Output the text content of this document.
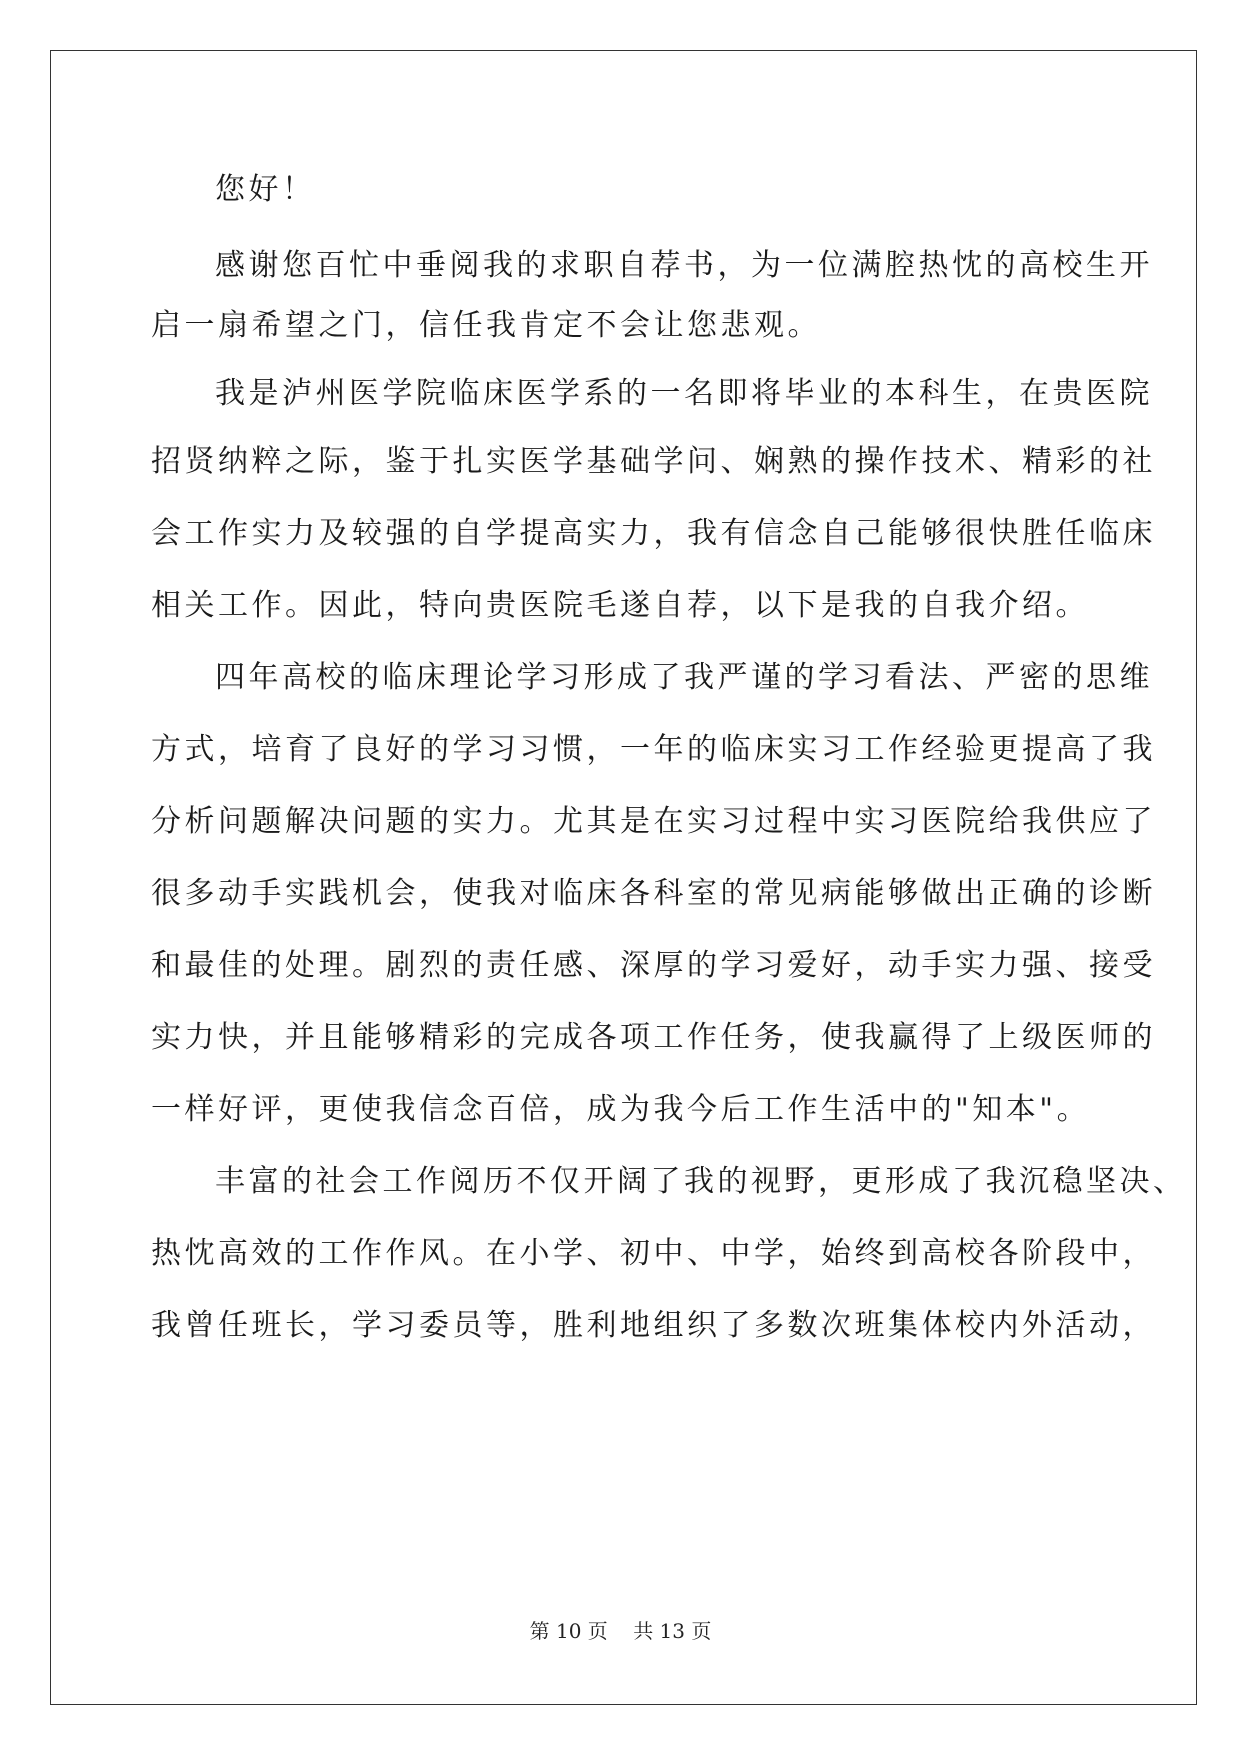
您好！
感谢您百忙中垂阅我的求职自荐书，为一位满腔热忱的高校生开
启一扇希望之门，信任我肯定不会让您悲观。
我是泸州医学院临床医学系的一名即将毕业的本科生，在贵医院
招贤纳粹之际，鉴于扎实医学基础学问、娴熟的操作技术、精彩的社
会工作实力及较强的自学提高实力，我有信念自己能够很快胜任临床
相关工作。因此，特向贵医院毛遂自荐，以下是我的自我介绍。
四年高校的临床理论学习形成了我严谨的学习看法、严密的思维
方式，培育了良好的学习习惯，一年的临床实习工作经验更提高了我
分析问题解决问题的实力。尤其是在实习过程中实习医院给我供应了
很多动手实践机会，使我对临床各科室的常见病能够做出正确的诊断
和最佳的处理。剧烈的责任感、深厚的学习爱好，动手实力强、接受
实力快，并且能够精彩的完成各项工作任务，使我赢得了上级医师的
一样好评，更使我信念百倍，成为我今后工作生活中的"知本"。
丰富的社会工作阅历不仅开阔了我的视野，更形成了我沉稳坚决、
热忱高效的工作作风。在小学、初中、中学，始终到高校各阶段中，
我曾任班长，学习委员等，胜利地组织了多数次班集体校内外活动，
第 10 页    共 13 页
